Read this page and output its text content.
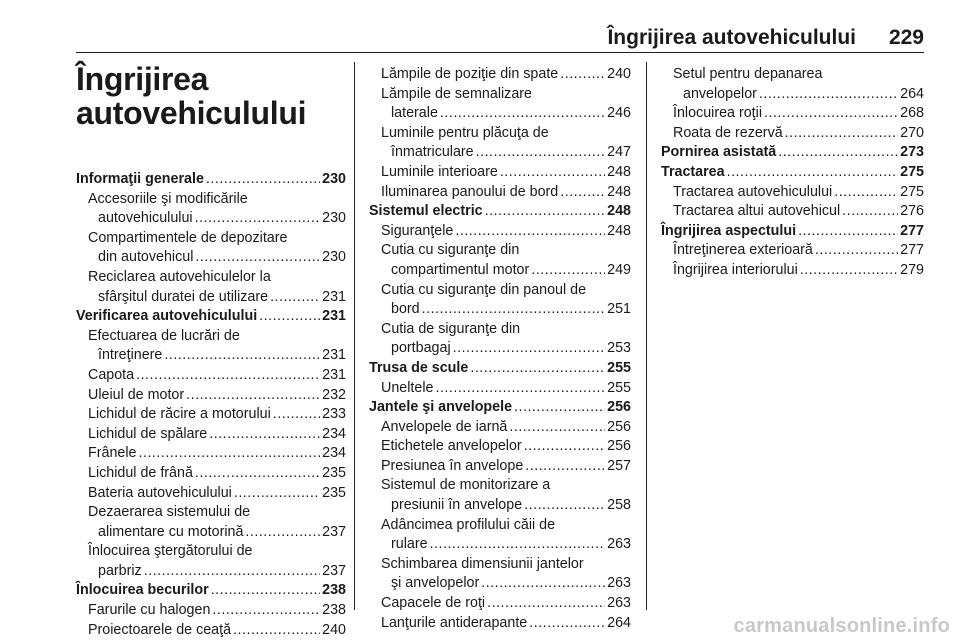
Îngrijirea autovehiculului 229
Îngrijirea
autovehiculului
Informaţii generale .....	230
Accesoriile şi modificările
autovehiculului .....	230
Compartimentele de depozitare
din autovehicul .....	230
Reciclarea autovehiculelor la
sfârşitul duratei de utilizare .....	231
Verificarea autovehiculului .....	231
Efectuarea de lucrări de
întreţinere .....	231
Capota .....	231
Uleiul de motor .....	232
Lichidul de răcire a motorului .....	233
Lichidul de spălare .....	234
Frânele .....	234
Lichidul de frână .....	235
Bateria autovehiculului .....	235
Dezaerarea sistemului de
alimentare cu motorină .....	237
Înlocuirea ştergătorului de
parbriz .....	237
Înlocuirea becurilor .....	238
Farurile cu halogen .....	238
Proiectoarele de ceaţă .....	240
Lămpile de poziţie din spate .....	240
Lămpile de semnalizare
laterale .....	246
Luminile pentru plăcuţa de
înmatriculare .....	247
Luminile interioare .....	248
Iluminarea panoului de bord .....	248
Sistemul electric .....	248
Siguranţele .....	248
Cutia cu siguranţe din
compartimentul motor .....	249
Cutia cu siguranţe din panoul de
bord .....	251
Cutia de siguranţe din
portbagaj .....	253
Trusa de scule .....	255
Uneltele .....	255
Jantele şi anvelopele .....	256
Anvelopele de iarnă .....	256
Etichetele anvelopelor .....	256
Presiunea în anvelope .....	257
Sistemul de monitorizare a
presiunii în anvelope .....	258
Adâncimea profilului căii de
rulare .....	263
Schimbarea dimensiunii jantelor
şi anvelopelor .....	263
Capacele de roţi .....	263
Lanţurile antiderapante .....	264
Setul pentru depanarea
anvelopelor .....	264
Înlocuirea roţii .....	268
Roata de rezervă .....	270
Pornirea asistată .....	273
Tractarea .....	275
Tractarea autovehiculului .....	275
Tractarea altui autovehicul .....	276
Îngrijirea aspectului .....	277
Întreţinerea exterioară .....	277
Îngrijirea interiorului .....	279
carmanualsonline.info
